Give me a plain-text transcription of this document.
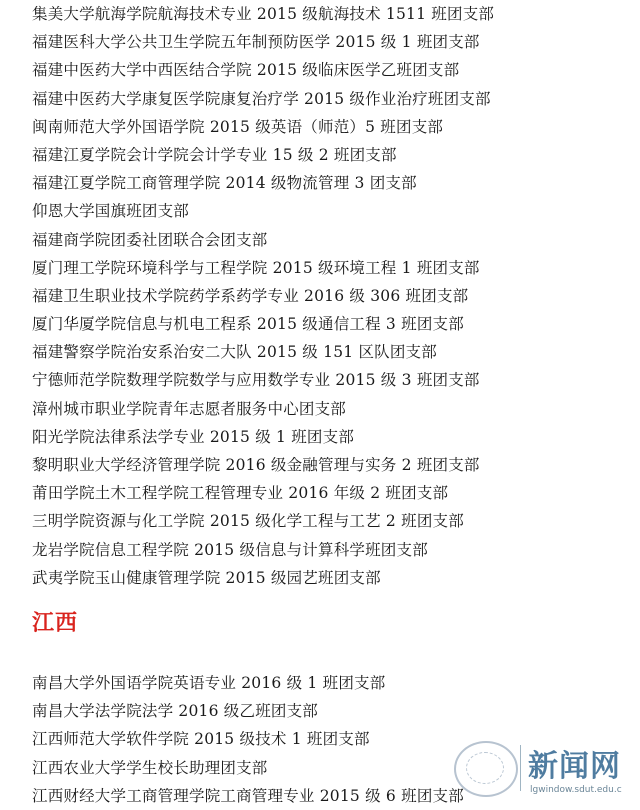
集美大学航海学院航海技术专业 2015 级航海技术 1511 班团支部
福建医科大学公共卫生学院五年制预防医学 2015 级 1 班团支部
福建中医药大学中西医结合学院 2015 级临床医学乙班团支部
福建中医药大学康复医学院康复治疗学 2015 级作业治疗班团支部
闽南师范大学外国语学院 2015 级英语（师范）5 班团支部
福建江夏学院会计学院会计学专业 15 级 2 班团支部
福建江夏学院工商管理学院 2014 级物流管理 3 团支部
仰恩大学国旗班团支部
福建商学院团委社团联合会团支部
厦门理工学院环境科学与工程学院 2015 级环境工程 1 班团支部
福建卫生职业技术学院药学系药学专业 2016 级 306 班团支部
厦门华厦学院信息与机电工程系 2015 级通信工程 3 班团支部
福建警察学院治安系治安二大队 2015 级 151 区队团支部
宁德师范学院数理学院数学与应用数学专业 2015 级 3 班团支部
漳州城市职业学院青年志愿者服务中心团支部
阳光学院法律系法学专业 2015 级 1 班团支部
黎明职业大学经济管理学院 2016 级金融管理与实务 2 班团支部
莆田学院土木工程学院工程管理专业 2016 年级 2 班团支部
三明学院资源与化工学院 2015 级化学工程与工艺 2 班团支部
龙岩学院信息工程学院 2015 级信息与计算科学班团支部
武夷学院玉山健康管理学院 2015 级园艺班团支部
江西
南昌大学外国语学院英语专业 2016 级 1 班团支部
南昌大学法学院法学 2016 级乙班团支部
江西师范大学软件学院 2015 级技术 1 班团支部
江西农业大学学生校长助理团支部
江西财经大学工商管理学院工商管理专业 2015 级 6 班团支部
新闻网
lgwindow.sdut.edu.c
